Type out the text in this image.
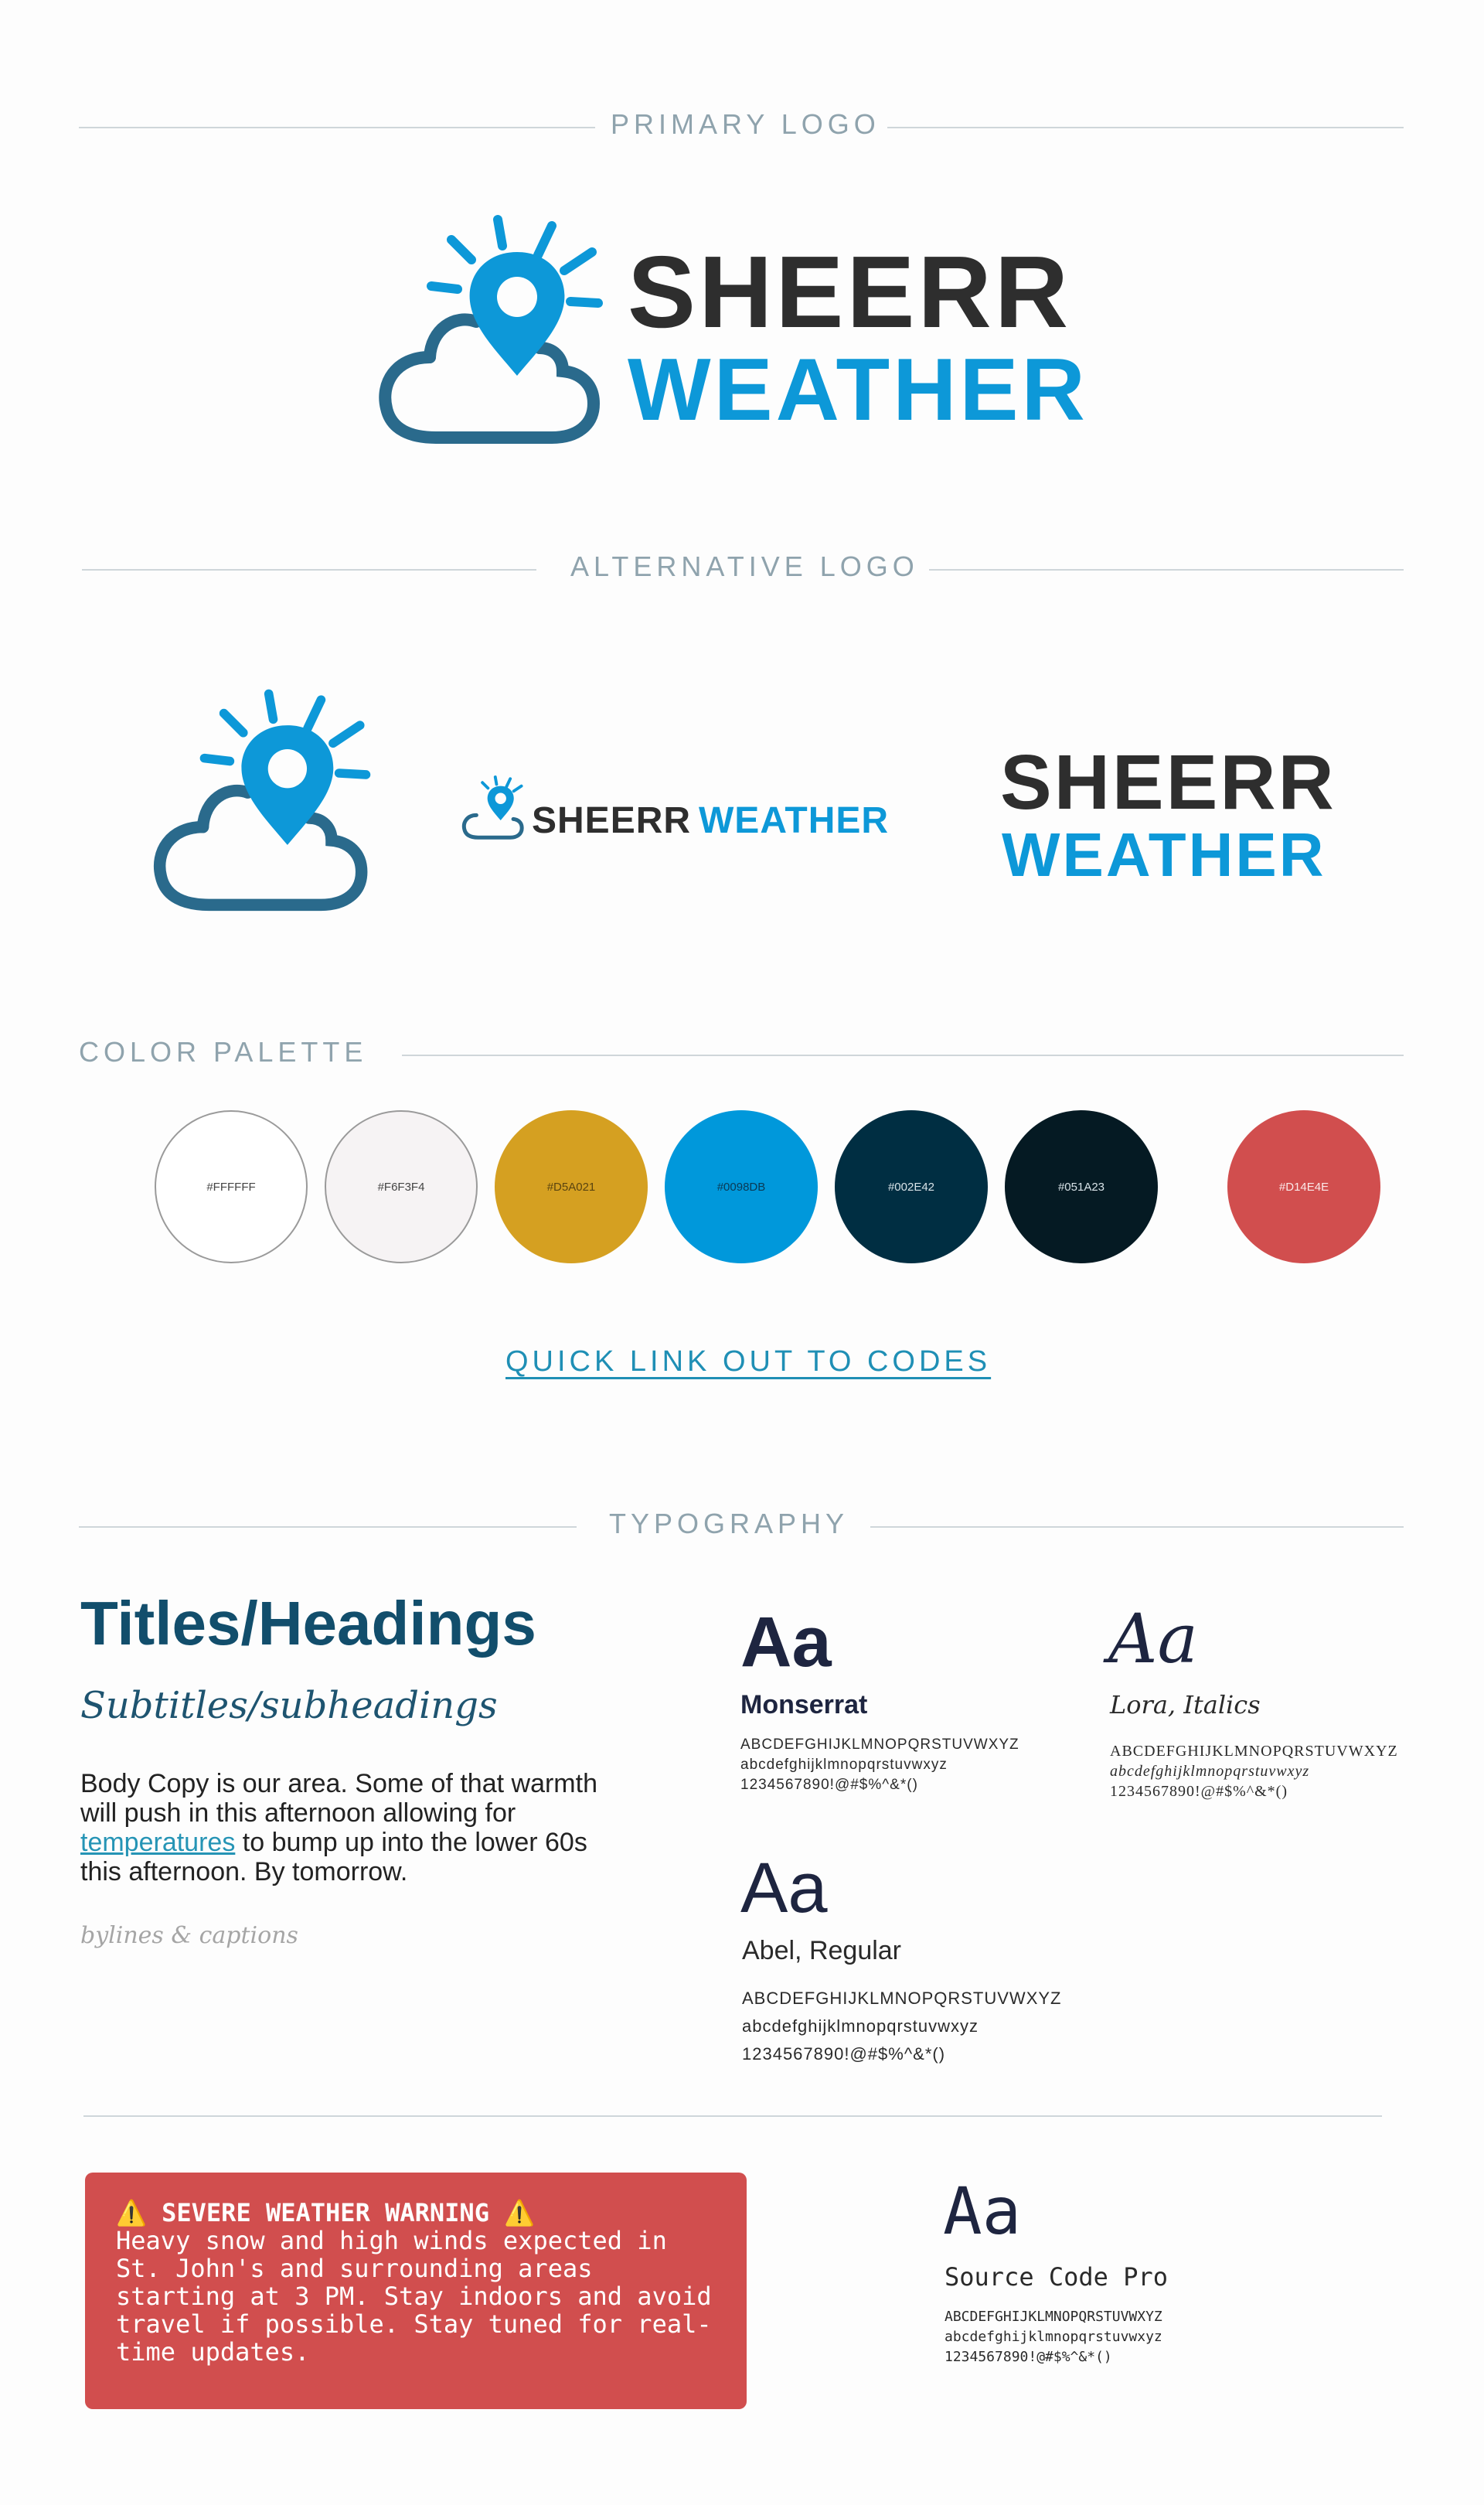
PRIMARY LOGO
SHEERR
WEATHER
ALTERNATIVE LOGO
SHEERR WEATHER SHEERR
WEATHER
COLOR PALETTE
#FFFFFF	#F6F3F4	#D5A021	#0098DB	#002E42	#051A23	#D14E4E
QUICK LINK OUT TO CODES
TYPOGRAPHY
Titles/Headings
Subtitles/subheadings
Body Copy is our area. Some of that warmth will push in this afternoon allowing for temperatures to bump up into the lower 60s this afternoon. By tomorrow.
bylines & captions
Aa
Monserrat
ABCDEFGHIJKLMNOPQRSTUVWXYZ
abcdefghijklmnopqrstuvwxyz
1234567890!@#$%^&*()
Aa
Lora, Italics
ABCDEFGHIJKLMNOPQRSTUVWXYZ
abcdefghijklmnopqrstuvwxyz
1234567890!@#$%^&*()
Aa
Abel, Regular
ABCDEFGHIJKLMNOPQRSTUVWXYZ
abcdefghijklmnopqrstuvwxyz
1234567890!@#$%^&*()
⚠️ SEVERE WEATHER WARNING ⚠️
Heavy snow and high winds expected in St. John's and surrounding areas starting at 3 PM. Stay indoors and avoid travel if possible. Stay tuned for real-time updates.
Aa
Source Code Pro
ABCDEFGHIJKLMNOPQRSTUVWXYZ
abcdefghijklmnopqrstuvwxyz
1234567890!@#$%^&*()
